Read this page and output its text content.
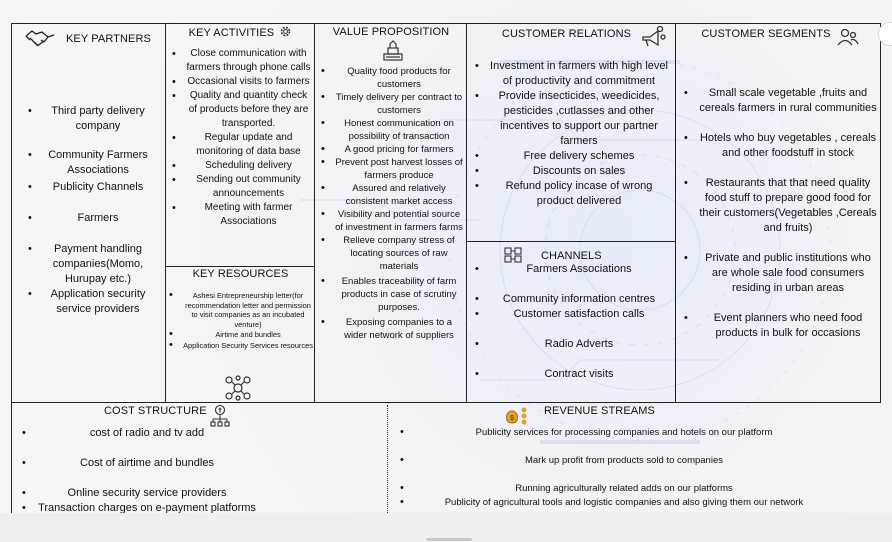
KEY PARTNERS
• Third party delivery company
• Community Farmers Associations
• Publicity Channels
• Farmers
• Payment handling companies(Momo, Hurupay etc.)
• Application security service providers
KEY ACTIVITIES
• Close communication with farmers through phone calls
• Occasional visits to farmers
• Quality and quantity check of products before they are transported.
• Regular update and monitoring of data base
• Scheduling delivery
• Sending out community announcements
• Meeting with farmer Associations
KEY RESOURCES
• Ashesi Entrepreneurship letter(for recommendation letter and permission to visit companies as an incubated venture)
• Airtime and bundles
• Application Security Services resources
VALUE PROPOSITION
• Quality food products for customers
• Timely delivery per contract to customers
• Honest communication on possibility of transaction
• A good pricing for farmers
• Prevent post harvest losses of farmers produce
• Assured and relatively consistent market access
• Visibility and potential source of investment in farmers farms
• Relieve company stress of locating sources of raw materials
• Enables traceability of farm products in case of scrutiny purposes.
• Exposing companies to a wider network of suppliers
CUSTOMER RELATIONS
• Investment in farmers with high level of productivity and commitment
• Provide insecticides, weedicides, pesticides ,cutlasses and other incentives to support our partner farmers
• Free delivery schemes
• Discounts on sales
• Refund policy incase of wrong product delivered
CHANNELS
• Farmers Associations
• Community information centres
• Customer satisfaction calls
• Radio Adverts
• Contract visits
CUSTOMER SEGMENTS
• Small scale vegetable ,fruits and cereals farmers in rural communities
• Hotels who buy vegetables , cereals and other foodstuff in stock
• Restaurants that that need quality food stuff to prepare good food for their customers(Vegetables ,Cereals and fruits)
• Private and public institutions who are whole sale food consumers residing in urban areas
• Event planners who need food products in bulk for occasions
COST STRUCTURE
• cost of radio and tv add
• Cost of airtime and bundles
• Online security service providers
• Transaction charges on e-payment platforms
$
REVENUE STREAMS
• Publicity services for processing companies and hotels on our platform
• Mark up profit from products sold to companies
• Running agriculturally related adds on our platforms
• Publicity of agricultural tools and logistic companies and also giving them our network
